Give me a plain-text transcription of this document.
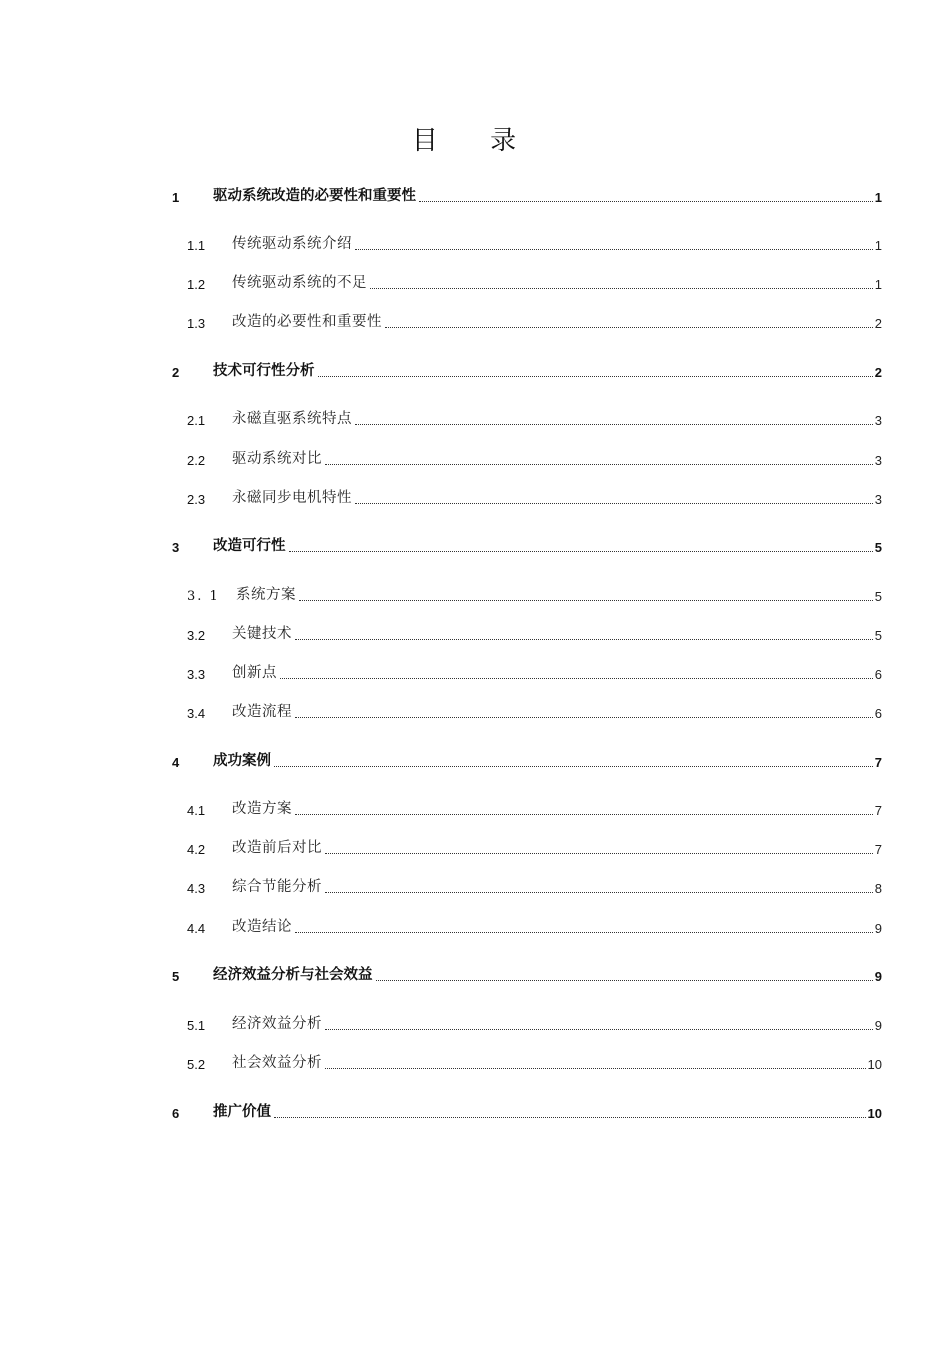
目 录
1 驱动系统改造的必要性和重要性	1
1.1 传统驱动系统介绍	1
1.2 传统驱动系统的不足	1
1.3 改造的必要性和重要性	2
2 技术可行性分析	2
2.1 永磁直驱系统特点	3
2.2 驱动系统对比	3
2.3 永磁同步电机特性	3
3 改造可行性	5
3. 1 系统方案	5
3.2 关键技术	5
3.3 创新点	6
3.4 改造流程	6
4 成功案例	7
4.1 改造方案	7
4.2 改造前后对比	7
4.3 综合节能分析	8
4.4 改造结论	9
5 经济效益分析与社会效益	9
5.1 经济效益分析	9
5.2 社会效益分析	10
6 推广价值	10
